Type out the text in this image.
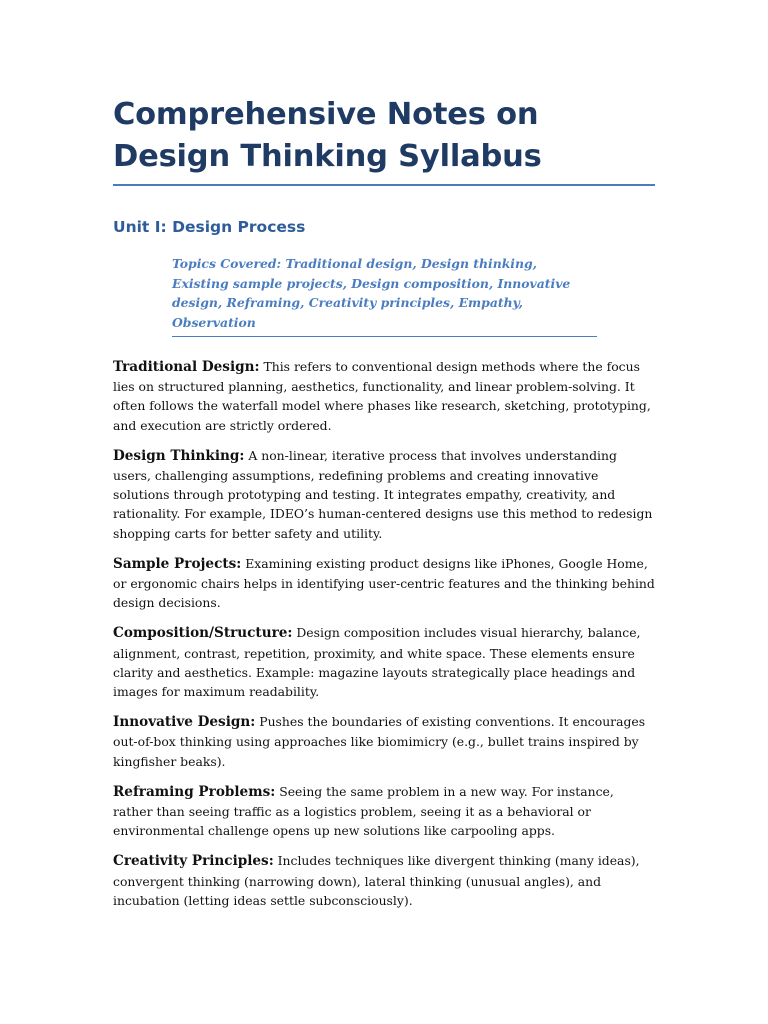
Comprehensive Notes on Design Thinking Syllabus
Unit I: Design Process
Topics Covered: Traditional design, Design thinking, Existing sample projects, Design composition, Innovative design, Reframing, Creativity principles, Empathy, Observation

Traditional Design: This refers to conventional design methods where the focus lies on structured planning, aesthetics, functionality, and linear problem-solving. It often follows the waterfall model where phases like research, sketching, prototyping, and execution are strictly ordered.

Design Thinking: A non-linear, iterative process that involves understanding users, challenging assumptions, redefining problems and creating innovative solutions through prototyping and testing. It integrates empathy, creativity, and rationality. For example, IDEO’s human-centered designs use this method to redesign shopping carts for better safety and utility.

Sample Projects: Examining existing product designs like iPhones, Google Home, or ergonomic chairs helps in identifying user-centric features and the thinking behind design decisions.

Composition/Structure: Design composition includes visual hierarchy, balance, alignment, contrast, repetition, proximity, and white space. These elements ensure clarity and aesthetics. Example: magazine layouts strategically place headings and images for maximum readability.

Innovative Design: Pushes the boundaries of existing conventions. It encourages out-of-box thinking using approaches like biomimicry (e.g., bullet trains inspired by kingfisher beaks).

Reframing Problems: Seeing the same problem in a new way. For instance, rather than seeing traffic as a logistics problem, seeing it as a behavioral or environmental challenge opens up new solutions like carpooling apps.

Creativity Principles: Includes techniques like divergent thinking (many ideas), convergent thinking (narrowing down), lateral thinking (unusual angles), and incubation (letting ideas settle subconsciously).
